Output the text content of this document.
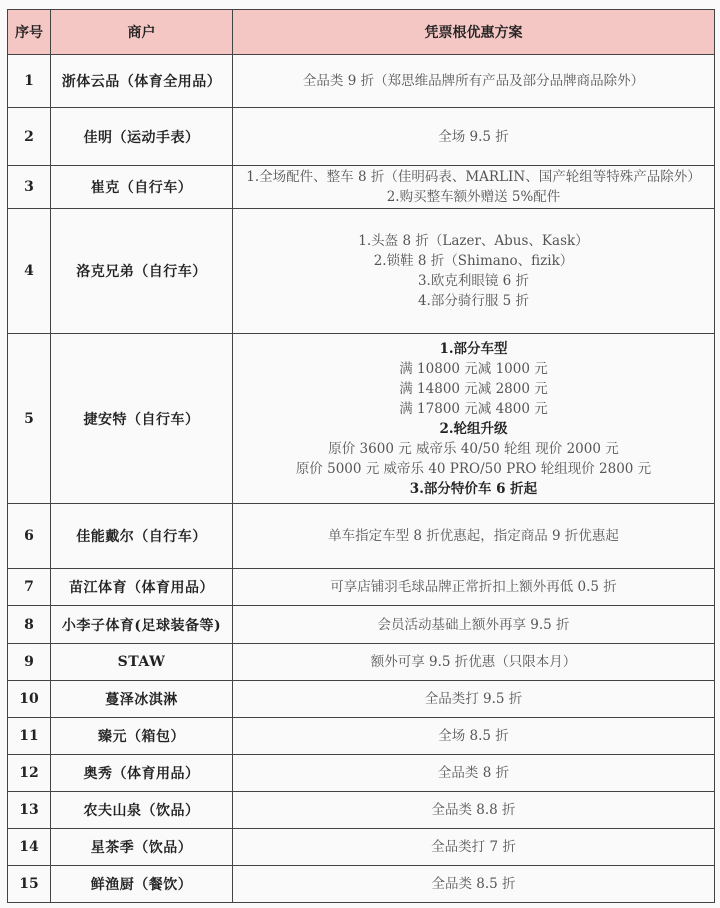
序号	商户	凭票根优惠方案
1	浙体云品（体育全用品）	全品类 9 折（郑思维品牌所有产品及部分品牌商品除外）

2	佳明（运动手表）	全场 9.5 折

3	崔克（自行车）	1.全场配件、整车 8 折（佳明码表、MARLIN、国产轮组等特殊产品除外）
2.购买整车额外赠送 5%配件

4	洛克兄弟（自行车）	1.头盔 8 折（Lazer、Abus、Kask）
2.锁鞋 8 折（Shimano、fizik）
3.欧克利眼镜 6 折
4.部分骑行服 5 折

5	捷安特（自行车）	
1.部分车型
满 10800 元减 1000 元
满 14800 元减 2800 元
满 17800 元减 4800 元
2.轮组升级
原价 3600 元 威帝乐 40/50 轮组 现价 2000 元
原价 5000 元 威帝乐 40 PRO/50 PRO 轮组现价 2800 元
3.部分特价车 6 折起

6	佳能戴尔（自行车）	单车指定车型 8 折优惠起，指定商品 9 折优惠起

7	苗江体育（体育用品）	可享店铺羽毛球品牌正常折扣上额外再低 0.5 折

8	小李子体育(足球装备等)	会员活动基础上额外再享 9.5 折

9	STAW	额外可享 9.5 折优惠（只限本月）

10	蔓泽冰淇淋	全品类打 9.5 折

11	臻元（箱包）	全场 8.5 折

12	奥秀（体育用品）	全品类 8 折

13	农夫山泉（饮品）	全品类 8.8 折

14	星茶季（饮品）	全品类打 7 折

15	鲜渔厨（餐饮）	全品类 8.5 折
